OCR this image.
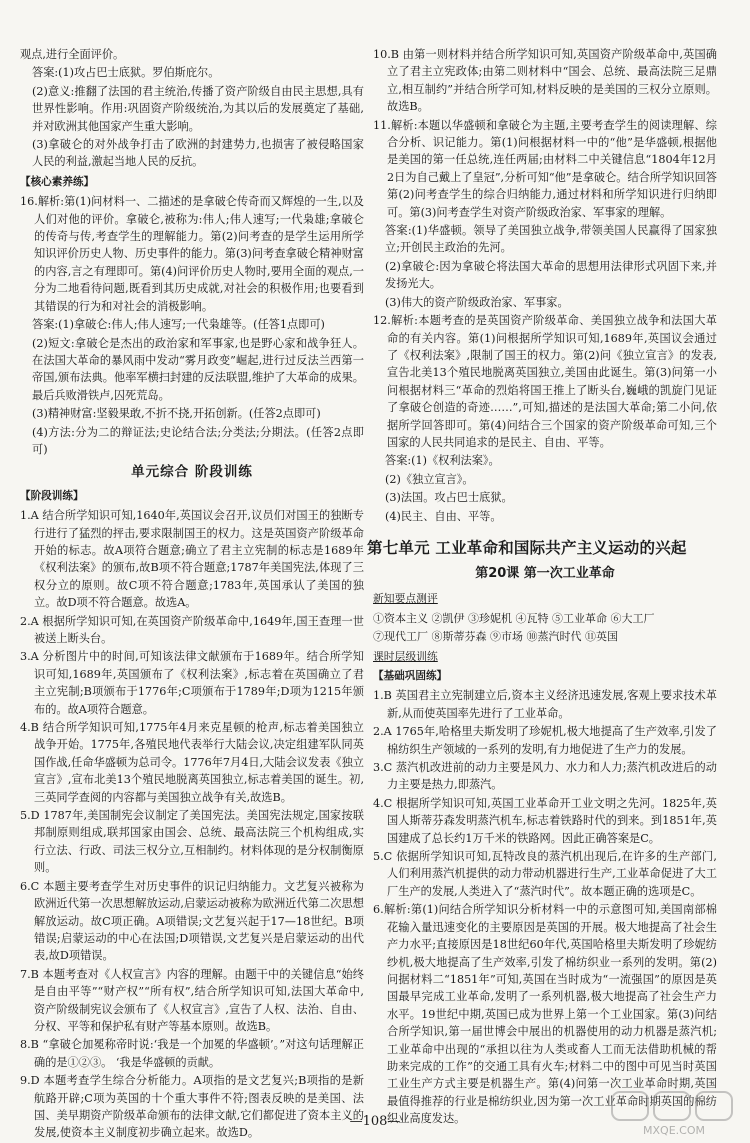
观点,进行全面评价。
答案:(1)攻占巴士底狱。罗伯斯庇尔。
(2)意义:推翻了法国的君主统治,传播了资产阶级自由民主思想,具有世界性影响。作用:巩固资产阶级统治,为其以后的发展奠定了基础,并对欧洲其他国家产生重大影响。
(3)拿破仑的对外战争打击了欧洲的封建势力,也损害了被侵略国家人民的利益,激起当地人民的反抗。
【核心素养练】
16.解析:第(1)问材料一、二描述的是拿破仑传奇而又辉煌的一生,以及人们对他的评价。拿破仑,被称为:伟人;伟人速写;一代枭雄;拿破仑的传奇与传,考查学生的理解能力。第(2)问考查的是学生运用所学知识评价历史人物、历史事件的能力。第(3)问考查拿破仑精神财富的内容,言之有理即可。第(4)问评价历史人物时,要用全面的观点,一分为二地看待问题,既看到其历史成就,对社会的积极作用;也要看到其错误的行为和对社会的消极影响。
答案:(1)拿破仑:伟人;伟人速写;一代枭雄等。(任答1点即可)
(2)短文:拿破仑是杰出的政治家和军事家,也是野心家和战争狂人。在法国大革命的暴风雨中发动“雾月政变”崛起,进行过反法兰西第一帝国,颁布法典。他率军横扫封建的反法联盟,维护了大革命的成果。最后兵败滑铁卢,囚死荒岛。
(3)精神财富:坚毅果敢,不折不挠,开拓创新。(任答2点即可)
(4)方法:分为二的辩证法;史论结合法;分类法;分期法。(任答2点即可)
单元综合 阶段训练
【阶段训练】
1.A 结合所学知识可知,1640年,英国议会召开,议员们对国王的独断专行进行了猛烈的抨击,要求限制国王的权力。这是英国资产阶级革命开始的标志。故A项符合题意;确立了君主立宪制的标志是1689年《权利法案》的颁布,故B项不符合题意;1787年美国宪法,体现了三权分立的原则。故C项不符合题意;1783年,英国承认了美国的独立。故D项不符合题意。故选A。
2.A 根据所学知识可知,在英国资产阶级革命中,1649年,国王查理一世被送上断头台。
3.A 分析图片中的时间,可知该法律文献颁布于1689年。结合所学知识可知,1689年,英国颁布了《权利法案》,标志着在英国确立了君主立宪制;B项颁布于1776年;C项颁布于1789年;D项为1215年颁布的。故A项符合题意。
4.B 结合所学知识可知,1775年4月来克星顿的枪声,标志着美国独立战争开始。1775年,各殖民地代表举行大陆会议,决定组建军队同英国作战,任命华盛顿为总司令。1776年7月4日,大陆会议发表《独立宣言》,宣布北美13个殖民地脱离英国独立,标志着美国的诞生。初,三英同学查阅的内容都与美国独立战争有关,故选B。
5.D 1787年,美国制宪会议制定了美国宪法。美国宪法规定,国家按联邦制原则组成,联邦国家由国会、总统、最高法院三个机构组成,实行立法、行政、司法三权分立,互相制约。材料体现的是分权制衡原则。
6.C 本题主要考查学生对历史事件的识记归纳能力。文艺复兴被称为欧洲近代第一次思想解放运动,启蒙运动被称为欧洲近代第二次思想解放运动。故C项正确。A项错误;文艺复兴起于17—18世纪。B项错误;启蒙运动的中心在法国;D项错误,文艺复兴是启蒙运动的出代表,故D项错误。
7.B 本题考查对《人权宣言》内容的理解。由题干中的关键信息“始终是自由平等”“财产权”“所有权”,结合所学知识可知,法国大革命中,资产阶级制宪议会颁布了《人权宣言》,宣告了人权、法治、自由、分权、平等和保护私有财产等基本原则。故选B。
8.B “拿破仑加冕称帝时说:‘我是一个加冕的华盛顿’。”对这句话理解正确的是①②③。 ‘我是华盛顿的贡献。
9.D 本题考查学生综合分析能力。A项指的是文艺复兴;B项指的是新航路开辟;C项为英国的十个重大事件不符;图表反映的是美国、法国、美早期资产阶级革命颁布的法律文献,它们都促进了资本主义的发展,使资本主义制度初步确立起来。故选D。
10.B 由第一则材料并结合所学知识可知,英国资产阶级革命中,英国确立了君主立宪政体;由第二则材料中“国会、总统、最高法院三足鼎立,相互制约”并结合所学可知,材料反映的是美国的三权分立原则。故选B。
11.解析:本题以华盛顿和拿破仑为主题,主要考查学生的阅读理解、综合分析、识记能力。第(1)问根据材料一中的“他”是华盛顿,根据他是美国的第一任总统,连任两届;由材料二中关键信息“1804年12月2日为自己戴上了皇冠”,分析可知“他”是拿破仑。结合所学知识回答第(2)问考查学生的综合归纳能力,通过材料和所学知识进行归纳即可。第(3)问考查学生对资产阶级政治家、军事家的理解。
答案:(1)华盛顿。领导了美国独立战争,带领美国人民赢得了国家独立;开创民主政治的先河。
(2)拿破仑:因为拿破仑将法国大革命的思想用法律形式巩固下来,并发扬光大。
(3)伟大的资产阶级政治家、军事家。
12.解析:本题考查的是英国资产阶级革命、美国独立战争和法国大革命的有关内容。第(1)问根据所学知识可知,1689年,英国议会通过了《权利法案》,限制了国王的权力。第(2)问《独立宣言》的发表,宣告北美13个殖民地脱离英国独立,美国由此诞生。第(3)问第一小问根据材料三“革命的烈焰将国王推上了断头台,巍峨的凯旋门见证了拿破仑创造的奇迹……”,可知,描述的是法国大革命;第二小问,依据所学回答即可。第(4)问结合三个国家的资产阶级革命可知,三个国家的人民共同追求的是民主、自由、平等。
答案:(1)《权利法案》。
(2)《独立宣言》。
(3)法国。攻占巴士底狱。
(4)民主、自由、平等。
第七单元 工业革命和国际共产主义运动的兴起
第20课 第一次工业革命
新知要点测评
①资本主义 ②凯伊 ③珍妮机 ④瓦特 ⑤工业革命 ⑥大工厂
⑦现代工厂 ⑧斯蒂芬森 ⑨市场 ⑩蒸汽时代 ⑪英国
课时层级训练
【基础巩固练】
1.B 英国君主立宪制建立后,资本主义经济迅速发展,客观上要求技术革新,从而使英国率先进行了工业革命。
2.A 1765年,哈格里夫斯发明了珍妮机,极大地提高了生产效率,引发了棉纺织生产领域的一系列的发明,有力地促进了生产力的发展。
3.C 蒸汽机改进前的动力主要是风力、水力和人力;蒸汽机改进后的动力主要是热力,即蒸汽。
4.C 根据所学知识可知,英国工业革命开工业文明之先河。1825年,英国人斯蒂芬森发明蒸汽机车,标志着铁路时代的到来。到1851年,英国建成了总长约1万千米的铁路网。因此正确答案是C。
5.C 依据所学知识可知,瓦特改良的蒸汽机出现后,在许多的生产部门,人们利用蒸汽机提供的动力带动机器进行生产,工业革命促进了大工厂生产的发展,人类进入了“蒸汽时代”。故本题正确的选项是C。
6.解析:第(1)问结合所学知识分析材料一中的示意图可知,美国南部棉花输入量迅速变化的主要原因是英国的开展。极大地提高了社会生产力水平;直接原因是18世纪60年代,英国哈格里夫斯发明了珍妮纺纱机,极大地提高了生产效率,引发了棉纺织业一系列的发明。第(2)问据材料二“1851年”可知,英国在当时成为“一流强国”的原因是英国最早完成工业革命,发明了一系列机器,极大地提高了社会生产力水平。19世纪中期,英国已成为世界上第一个工业国家。第(3)问结合所学知识,第一届世博会中展出的机器使用的动力机器是蒸汽机;工业革命中出现的“承担以往为人类或畜人工而无法借助机械的帮助来完成的工作”的交通工具有火车;材料二中的图中可见当时英国工业生产方式主要是机器生产。第(4)问第一次工业革命时期,英国最值得推荐的行业是棉纺织业,因为第一次工业革命时期英国的棉纺织业高度发达。
—108—
MXQE.COM
